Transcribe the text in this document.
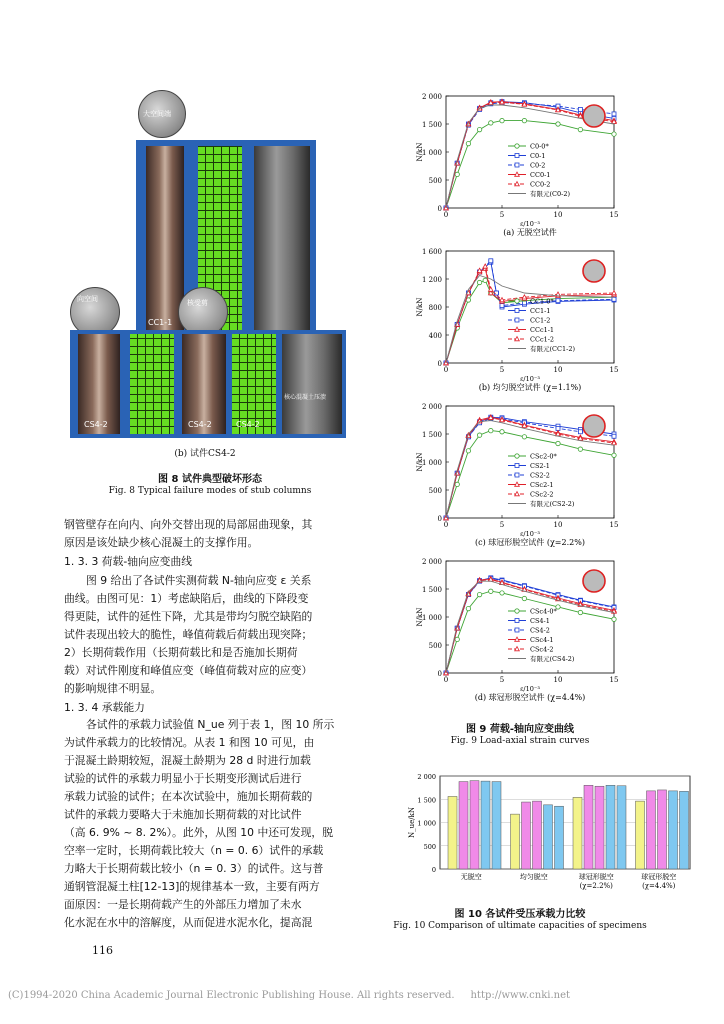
大空间端
CC1-1
向空间	核受剪
CS4-2	CS4-2	CS4-2
核心混凝土压溃
(b) 试件CS4-2
图 8 试件典型破坏形态
Fig. 8 Typical failure modes of stub columns
钢管壁存在向内、向外交替出现的局部屈曲现象，其
原因是该处缺少核心混凝土的支撑作用。
1. 3. 3 荷载-轴向应变曲线
图 9 给出了各试件实测荷载 N-轴向应变 ε 关系
曲线。由图可见：1）考虑缺陷后，曲线的下降段变
得更陡，试件的延性下降，尤其是带均匀脱空缺陷的
试件表现出较大的脆性，峰值荷载后荷载出现突降；
2）长期荷载作用（长期荷载比和是否施加长期荷
载）对试件刚度和峰值应变（峰值荷载对应的应变）
的影响规律不明显。
1. 3. 4 承载能力
各试件的承载力试验值 N_ue 列于表 1，图 10 所示
为试件承载力的比较情况。从表 1 和图 10 可见，由
于混凝土龄期较短，混凝土龄期为 28 d 时进行加载
试验的试件的承载力明显小于长期变形测试后进行
承载力试验的试件；在本次试验中，施加长期荷载的
试件的承载力要略大于未施加长期荷载的对比试件
（高 6. 9% ~ 8. 2%）。此外，从图 10 中还可发现，脱
空率一定时，长期荷载比较大（n = 0. 6）试件的承载
力略大于长期荷载比较小（n = 0. 3）的试件。这与普
通钢管混凝土柱[12-13]的规律基本一致，主要有两方
面原因：一是长期荷载产生的外部压力增加了未水
化水泥在水中的溶解度，从而促进水泥水化，提高混
116
0
500
1 000
1 500
2 000
0	5	10	15
N/kN
ε/10⁻³
(a) 无脱空试件
C0-0*
C0-1
C0-2
CC0-1
CC0-2
有限元(C0-2)
0
400
800
1 200
1 600
0	5	10	15
N/kN
ε/10⁻³
(b) 均匀脱空试件 (χ=1.1%)
CC1-0*
CC1-1
CC1-2
CCc1-1
CCc1-2
有限元(CC1-2)
0
500
1 000
1 500
2 000
0	5	10	15
N/kN
ε/10⁻³
(c) 球冠形脱空试件 (χ=2.2%)
CSc2-0*
CS2-1
CS2-2
CSc2-1
CSc2-2
有限元(CS2-2)
0
500
1 000
1 500
2 000
0	5	10	15
N/kN
ε/10⁻³
(d) 球冠形脱空试件 (χ=4.4%)
CSc4-0*
CS4-1
CS4-2
CSc4-1
CSc4-2
有限元(CS4-2)
0
500
1 000
1 500
2 000
N_ue/kN
无脱空	均匀脱空	球冠形脱空
(χ=2.2%)
球冠形脱空
(χ=4.4%)
图 9 荷载-轴向应变曲线
Fig. 9 Load-axial strain curves
图 10 各试件受压承载力比较
Fig. 10 Comparison of ultimate capacities of specimens
(C)1994-2020 China Academic Journal Electronic Publishing House. All rights reserved.     http://www.cnki.net
